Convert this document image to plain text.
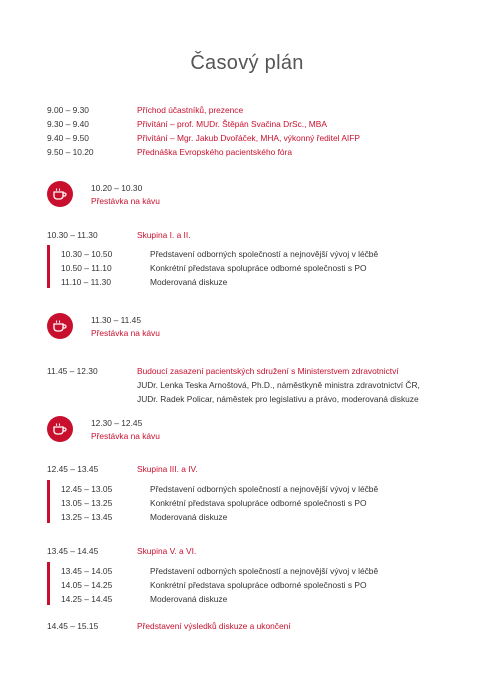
Časový plán
9.00 – 9.30	Příchod účastníků, prezence
9.30 – 9.40	Přivítání – prof. MUDr. Štěpán Svačina DrSc., MBA
9.40 – 9.50	Přivítání – Mgr. Jakub Dvořáček, MHA, výkonný ředitel AIFP
9.50 – 10.20	Přednáška Evropského pacientského fóra
10.20 – 10.30
Přestávka na kávu
10.30 – 11.30	Skupina I. a II.
10.30 – 10.50	Představení odborných společností a nejnovější vývoj v léčbě
10.50 – 11.10	Konkrétní představa spolupráce odborné společnosti s PO
11.10 – 11.30	Moderovaná diskuze
11.30 – 11.45
Přestávka na kávu
11.45 – 12.30	Budoucí zasazení pacientských sdružení s Ministerstvem zdravotnictví
JUDr. Lenka Teska Arnoštová, Ph.D., náměstkyně ministra zdravotnictví ČR,
JUDr. Radek Policar, náměstek pro legislativu a právo, moderovaná diskuze
12.30 – 12.45
Přestávka na kávu
12.45 – 13.45	Skupina III. a IV.
12.45 – 13.05	Představení odborných společností a nejnovější vývoj v léčbě
13.05 – 13.25	Konkrétní představa spolupráce odborné společnosti s PO
13.25 – 13.45	Moderovaná diskuze
13.45 – 14.45	Skupina V. a VI.
13.45 – 14.05	Představení odborných společností a nejnovější vývoj v léčbě
14.05 – 14.25	Konkrétní představa spolupráce odborné společnosti s PO
14.25 – 14.45	Moderovaná diskuze
14.45 – 15.15	Představení výsledků diskuze a ukončení
